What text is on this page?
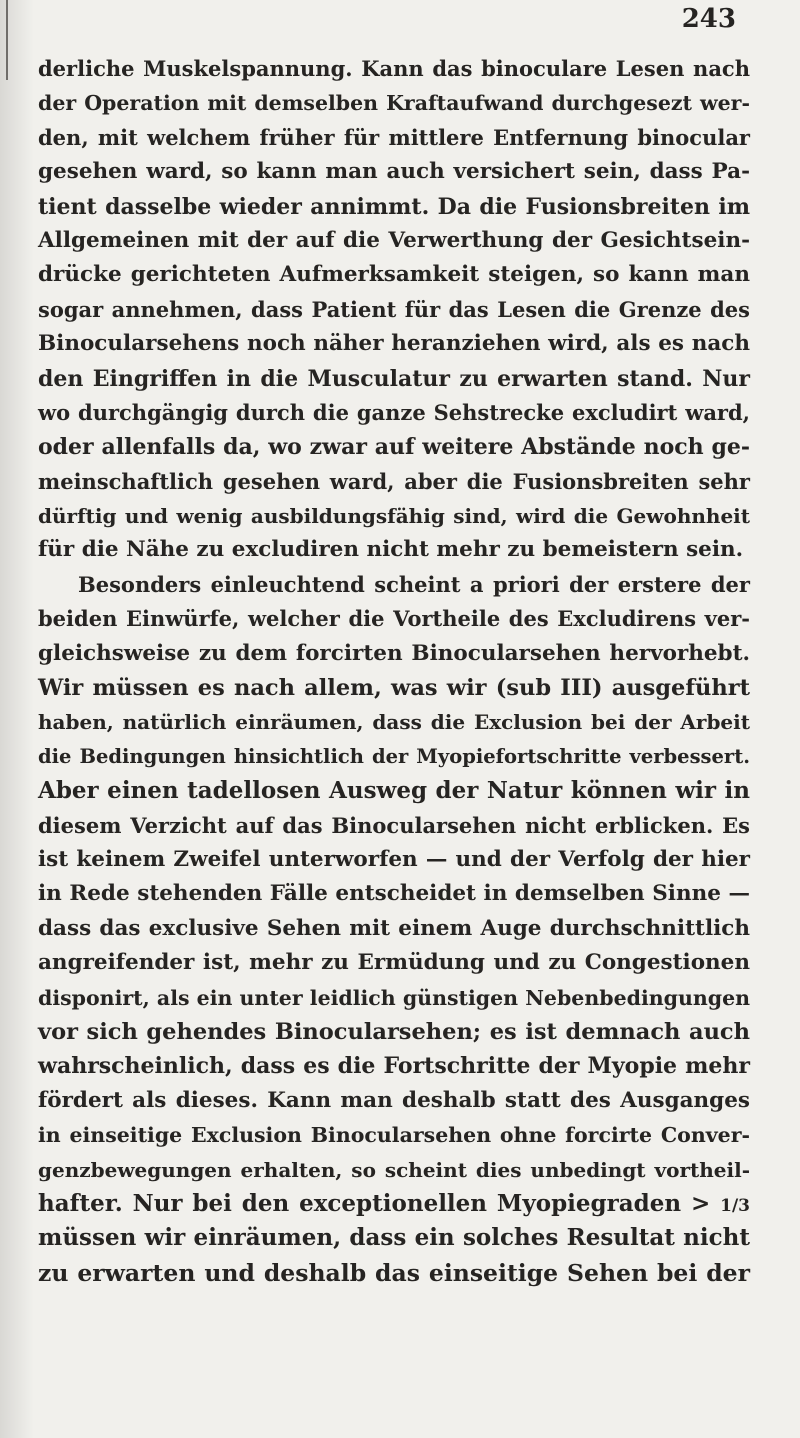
243
derliche Muskelspannung. Kann das binoculare Lesen nach
der Operation mit demselben Kraftaufwand durchgesezt wer-
den, mit welchem früher für mittlere Entfernung binocular
gesehen ward, so kann man auch versichert sein, dass Pa-
tient dasselbe wieder annimmt. Da die Fusionsbreiten im
Allgemeinen mit der auf die Verwerthung der Gesichtsein-
drücke gerichteten Aufmerksamkeit steigen, so kann man
sogar annehmen, dass Patient für das Lesen die Grenze des
Binocularsehens noch näher heranziehen wird, als es nach
den Eingriffen in die Musculatur zu erwarten stand. Nur
wo durchgängig durch die ganze Sehstrecke excludirt ward,
oder allenfalls da, wo zwar auf weitere Abstände noch ge-
meinschaftlich gesehen ward, aber die Fusionsbreiten sehr
dürftig und wenig ausbildungsfähig sind, wird die Gewohnheit
für die Nähe zu excludiren nicht mehr zu bemeistern sein.
Besonders einleuchtend scheint a priori der erstere der
beiden Einwürfe, welcher die Vortheile des Excludirens ver-
gleichsweise zu dem forcirten Binocularsehen hervorhebt.
Wir müssen es nach allem, was wir (sub III) ausgeführt
haben, natürlich einräumen, dass die Exclusion bei der Arbeit
die Bedingungen hinsichtlich der Myopiefortschritte verbessert.
Aber einen tadellosen Ausweg der Natur können wir in
diesem Verzicht auf das Binocularsehen nicht erblicken. Es
ist keinem Zweifel unterworfen — und der Verfolg der hier
in Rede stehenden Fälle entscheidet in demselben Sinne —
dass das exclusive Sehen mit einem Auge durchschnittlich
angreifender ist, mehr zu Ermüdung und zu Congestionen
disponirt, als ein unter leidlich günstigen Nebenbedingungen
vor sich gehendes Binocularsehen; es ist demnach auch
wahrscheinlich, dass es die Fortschritte der Myopie mehr
fördert als dieses. Kann man deshalb statt des Ausganges
in einseitige Exclusion Binocularsehen ohne forcirte Conver-
genzbewegungen erhalten, so scheint dies unbedingt vortheil-
hafter. Nur bei den exceptionellen Myopiegraden > 1/3
müssen wir einräumen, dass ein solches Resultat nicht
zu erwarten und deshalb das einseitige Sehen bei der
